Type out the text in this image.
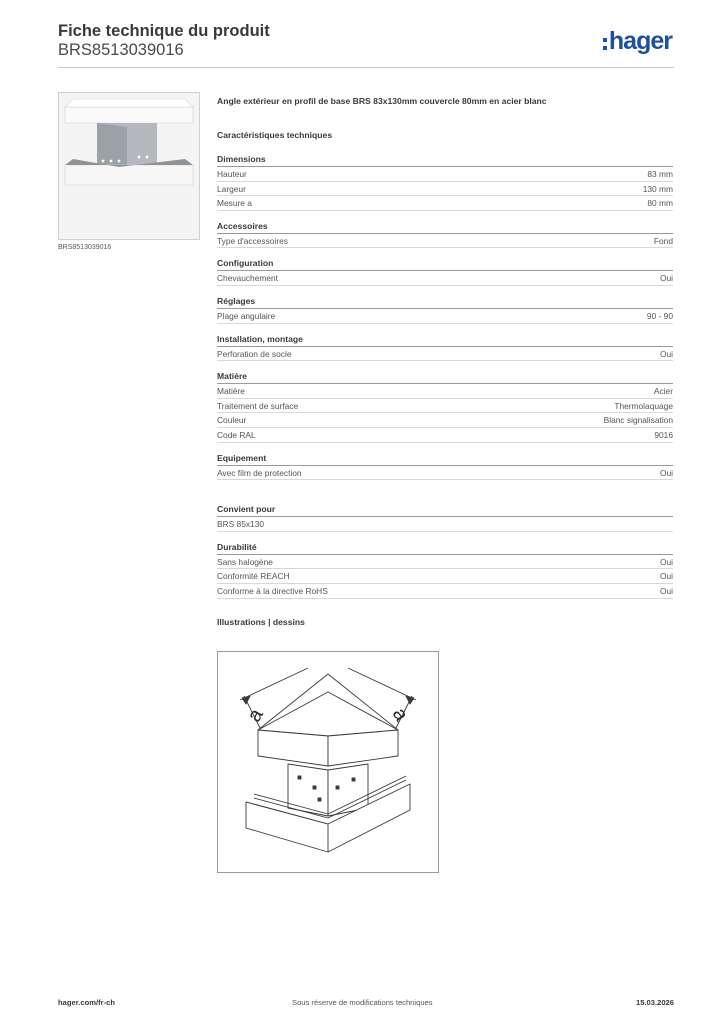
Fiche technique du produit
BRS8513039016	hager
BRS8513039016
Angle extérieur en profil de base BRS 83x130mm couvercle 80mm en acier blanc
Caractéristiques techniques
Dimensions
Hauteur	83 mm
Largeur	130 mm
Mesure a	80 mm
Accessoires
Type d'accessoires	Fond
Configuration
Chevauchement	Oui
Réglages
Plage angulaire	90 - 90
Installation, montage
Perforation de socle	Oui
Matière
Matière	Acier
Traitement de surface	Thermolaquage
Couleur	Blanc signalisation
Code RAL	9016
Equipement
Avec film de protection	Oui
Convient pour
BRS 85x130
Durabilité
Sans halogène	Oui
Conformité REACH	Oui
Conforme à la directive RoHS	Oui
Illustrations | dessins
a	a
hager.com/fr-ch	Sous réserve de modifications techniques	15.03.2026
